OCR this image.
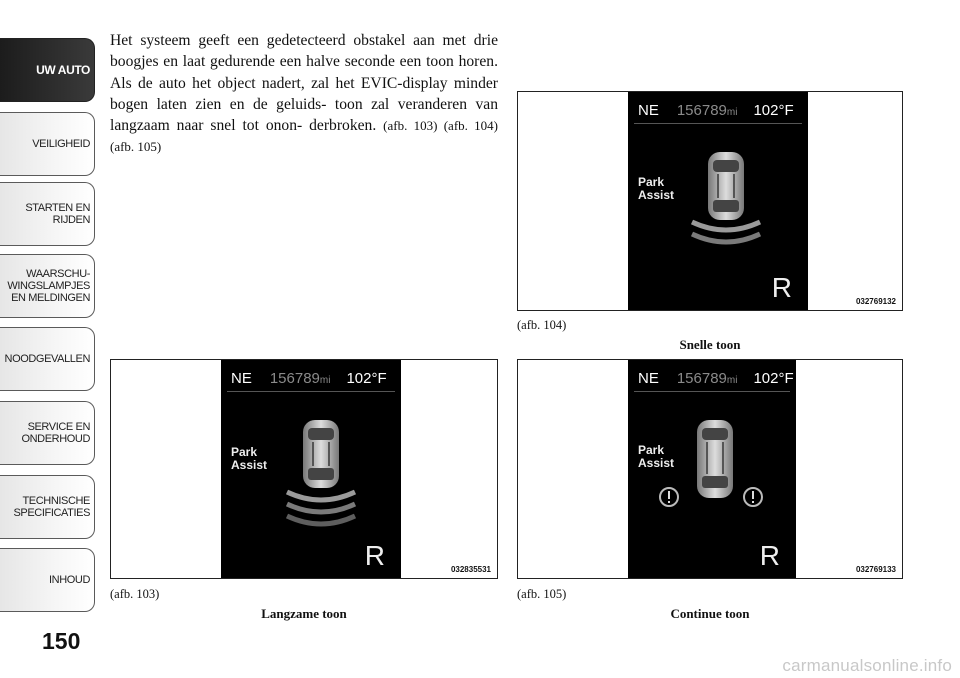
UW AUTO
VEILIGHEID
STARTEN EN
RIJDEN
WAARSCHU-
WINGSLAMPJES
EN MELDINGEN
NOODGEVALLEN
SERVICE EN
ONDERHOUD
TECHNISCHE
SPECIFICATIES
INHOUD
150
Het systeem geeft een gedetecteerd obstakel aan met drie boogjes en laat gedurende een halve seconde een toon horen. Als de auto het object nadert, zal het EVIC-display minder bogen laten zien en de geluids- toon zal veranderen van langzaam naar snel tot onon- derbroken. (afb. 103) (afb. 104) (afb. 105)
NE 156789mi 102°F
Park
Assist
R	032769132
(afb. 104)
Snelle toon
NE 156789mi 102°F
Park
Assist
R	032835531
(afb. 103)
Langzame toon
NE 156789mi 102°F
Park
Assist
R	032769133
(afb. 105)
Continue toon
carmanualsonline.info
